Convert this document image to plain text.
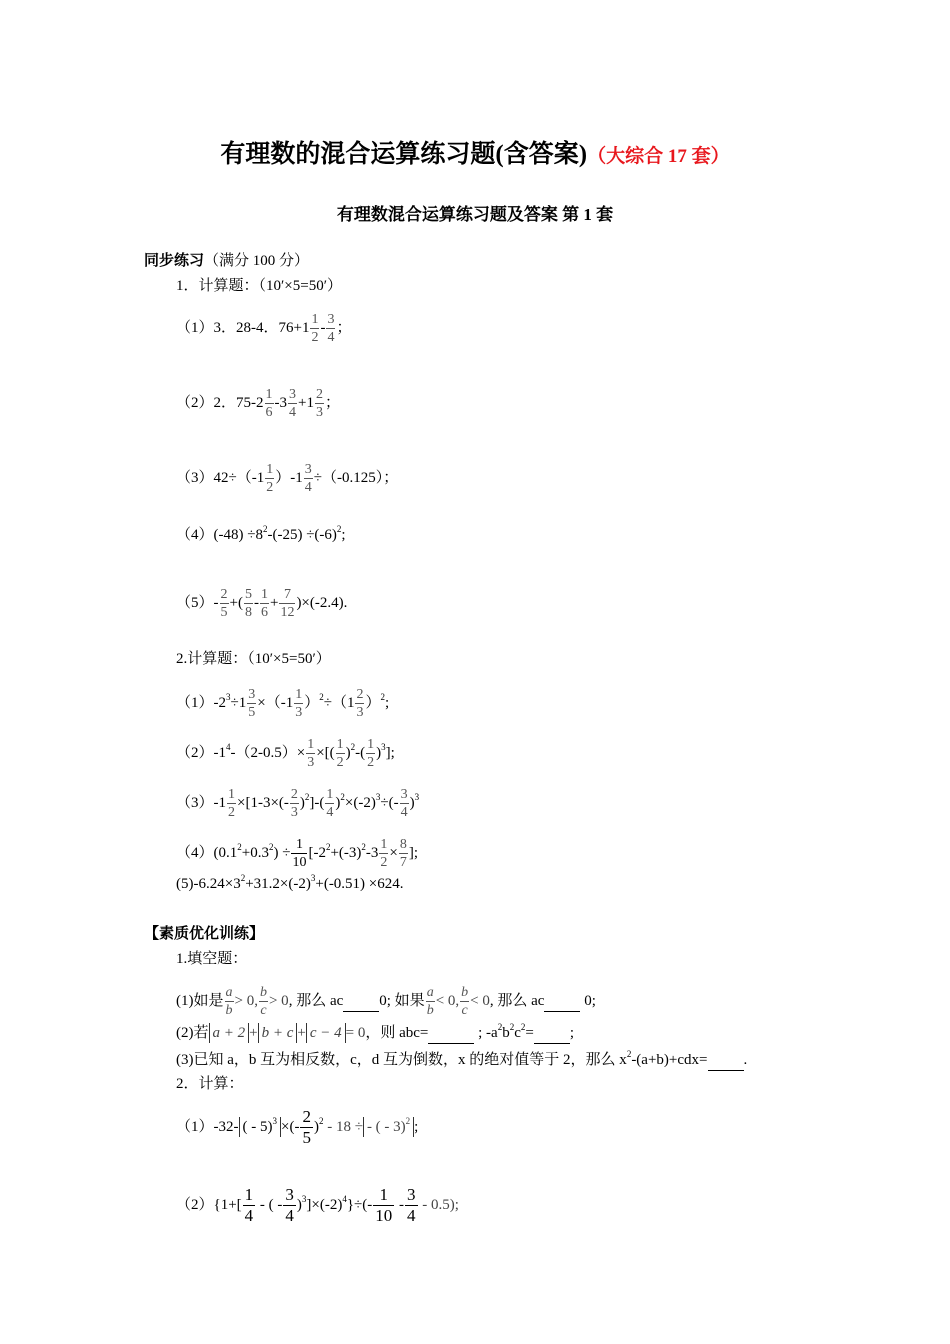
有理数的混合运算练习题(含答案)（大综合 17 套）
有理数混合运算练习题及答案 第 1 套
同步练习（满分 100 分）
1．计算题：（10′×5=50′）
（1）3．28-4．$76+1 \frac{1}{2} - \frac{3}{4}$ ；
（2）2．$75-2 \frac{1}{6} -3 \frac{3}{4} +1 \frac{2}{3}$ ；
$(3)42\div(-1 \frac{1}{2} )-1 \frac{3}{4} \div(-0.125)$；
$(4)(-48) \div 8^2-(-25) \div(-6)^2$;
$(5)- \frac{2}{5}$ +( $\frac{5}{8} - \frac{1}{6} + \frac{7}{12} )\times(-2.4)$.
2.计算题：（10′×5=50′）
$(1)-2^3\div 1 \frac{3}{5} \times(-1 \frac{1}{3} )^2\div(1 \frac{2}{3} )^2$;
$(2)-1^4-(2-0.5)\times \frac{1}{3}$ ×[( $\frac{1}{2} )^2-( \frac{1}{2} )^3$];
$(3)-1 \frac{1}{2} \times[1-3\times(- \frac{2}{3} )^2]-( \frac{1}{4} )^2\times(-2)^3\div(- \frac{3}{4} )^3$
$(4)(0.1^2+0.3^2) \div \frac{1}{10} [-2^2+(-3)^2-3 \frac{1}{2} \times \frac{8}{7}$ ];
$(5)-6.24\times 3^2+31.2\times(-2)^3+(-0.51) \times 624$.
【素质优化训练】
1.填空题：
(1)如是 $\frac{a}{b} > 0$, $\frac{b}{c} > 0$, 那么 ac 0; 如果 $\frac{a}{b} < 0$, $\frac{b}{c} < 0$, 那么 ac 0;
(2)若 a + 2 + b + c + c − 4 = 0，则 abc=	; $-a^2b^2c^2=$ ;
(3)已知 a，b 互为相反数，c，d 互为倒数，x 的绝对值等于 2，那么 $x^2-(a+b)+cdx=$ .
2．计算：
（1）-32- ( - 5)$^3$ ×(- $\frac{2}{5} )^2 - 18$ ÷ - ( - 3)$^2$ ;
$(2)\{1+[ \frac{1}{4}$ - ( - $\frac{3}{4} )^3]\times(-2)^4\}\div(- \frac{1}{10} - \frac{3}{4} - 0.5)$;
